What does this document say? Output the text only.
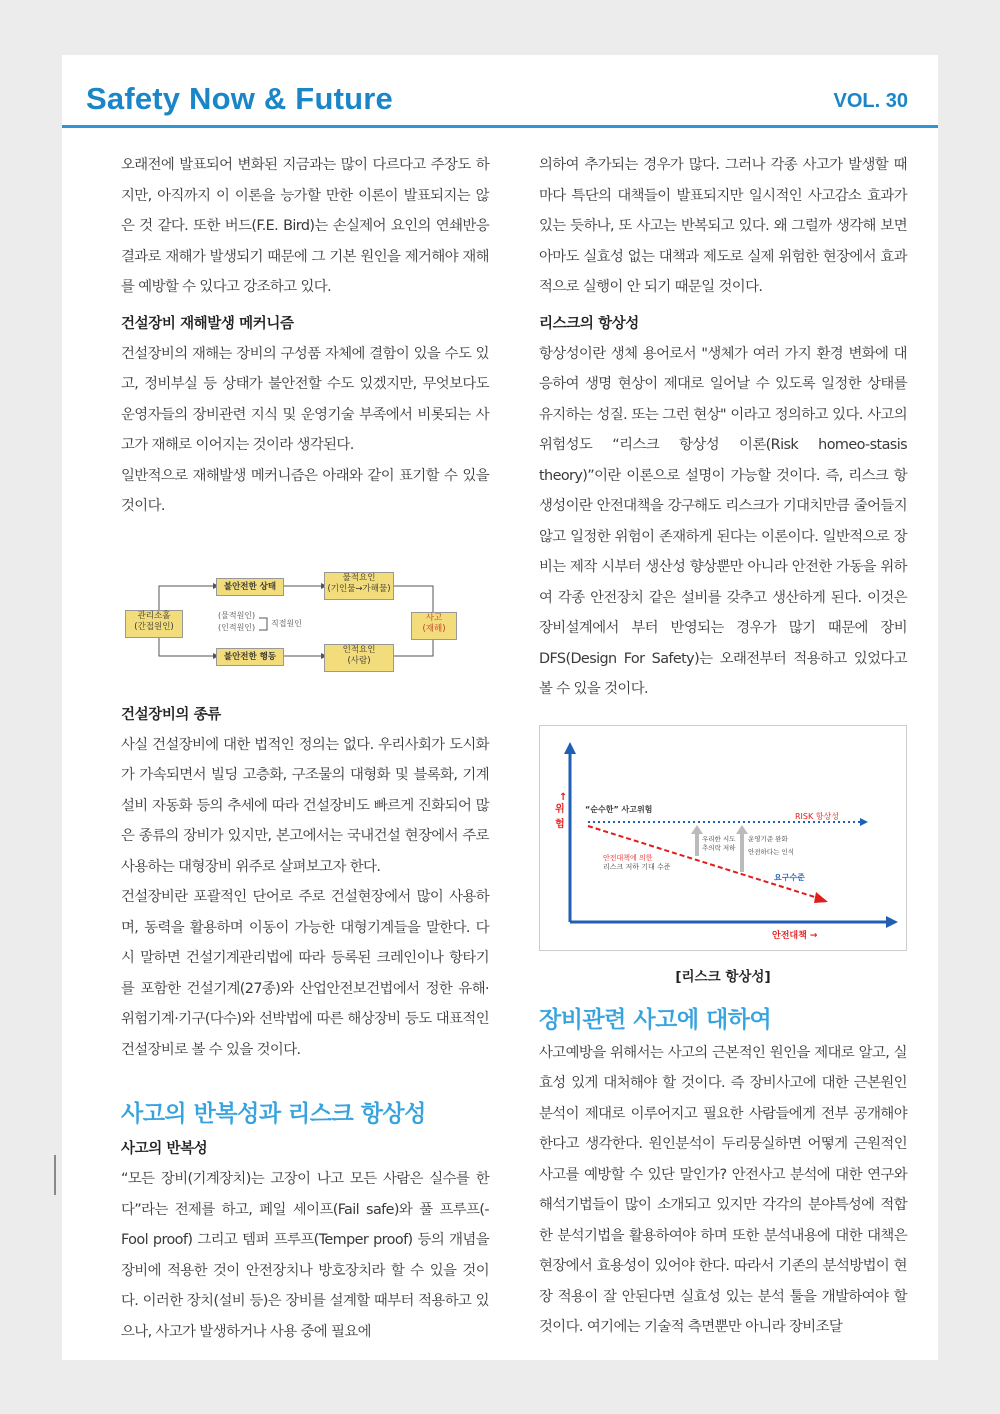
Safety Now & Future	VOL. 30

오래전에 발표되어 변화된 지금과는 많이 다르다고 주장도 하지만, 아직까지 이 이론을 능가할 만한 이론이 발표되지는 않은 것 같다. 또한 버드(F.E. Bird)는 손실제어 요인의 연쇄반응 결과로 재해가 발생되기 때문에 그 기본 원인을 제거해야 재해를 예방할 수 있다고 강조하고 있다.

건설장비 재해발생 메커니즘

건설장비의 재해는 장비의 구성품 자체에 결함이 있을 수도 있고, 정비부실 등 상태가 불안전할 수도 있겠지만, 무엇보다도 운영자들의 장비관련 지식 및 운영기술 부족에서 비롯되는 사고가 재해로 이어지는 것이라 생각된다.

일반적으로 재해발생 메커니즘은 아래와 같이 표기할 수 있을 것이다.

불안전한 상태
물적요인
(기인물→가해물)
관리소홀
(간접원인)
(물적원인)
(인적원인) 직접원인
사고
(재해)
불안전한 행동
인적요인
(사람)

건설장비의 종류

사실 건설장비에 대한 법적인 정의는 없다. 우리사회가 도시화가 가속되면서 빌딩 고층화, 구조물의 대형화 및 블록화, 기계설비 자동화 등의 추세에 따라 건설장비도 빠르게 진화되어 많은 종류의 장비가 있지만, 본고에서는 국내건설 현장에서 주로 사용하는 대형장비 위주로 살펴보고자 한다.

건설장비란 포괄적인 단어로 주로 건설현장에서 많이 사용하며, 동력을 활용하며 이동이 가능한 대형기계들을 말한다. 다시 말하면 건설기계관리법에 따라 등록된 크레인이나 항타기를 포함한 건설기계(27종)와 산업안전보건법에서 정한 유해·위험기계·기구(다수)와 선박법에 따른 해상장비 등도 대표적인 건설장비로 볼 수 있을 것이다.

사고의 반복성과 리스크 항상성

사고의 반복성

“모든 장비(기계장치)는 고장이 나고 모든 사람은 실수를 한다”라는 전제를 하고, 페일 세이프(Fail safe)와 풀 프루프(-Fool proof) 그리고 템퍼 프루프(Temper proof) 등의 개념을 장비에 적용한 것이 안전장치나 방호장치라 할 수 있을 것이다. 이러한 장치(설비 등)은 장비를 설계할 때부터 적용하고 있으나, 사고가 발생하거나 사용 중에 필요에

의하여 추가되는 경우가 많다. 그러나 각종 사고가 발생할 때마다 특단의 대책들이 발표되지만 일시적인 사고감소 효과가 있는 듯하나, 또 사고는 반복되고 있다. 왜 그럴까 생각해 보면 아마도 실효성 없는 대책과 제도로 실제 위험한 현장에서 효과적으로 실행이 안 되기 때문일 것이다.

리스크의 항상성

항상성이란 생체 용어로서 "생체가 여러 가지 환경 변화에 대응하여 생명 현상이 제대로 일어날 수 있도록 일정한 상태를 유지하는 성질. 또는 그런 현상" 이라고 정의하고 있다. 사고의 위험성도 “리스크 항상성 이론(Risk homeo-stasis theory)”이란 이론으로 설명이 가능할 것이다. 즉, 리스크 항생성이란 안전대책을 강구해도 리스크가 기대치만큼 줄어들지 않고 일정한 위험이 존재하게 된다는 이론이다. 일반적으로 장비는 제작 시부터 생산성 향상뿐만 아니라 안전한 가동을 위하여 각종 안전장치 같은 설비를 갖추고 생산하게 된다. 이것은 장비설계에서 부터 반영되는 경우가 많기 때문에 장비DFS(Design For Safety)는 오래전부터 적용하고 있었다고 볼 수 있을 것이다.

↑
위험
“순수한” 사고위험
RISK 항상성
우리한 시도
추의락 저하
운영기준 완화
안전하다는 인식
안전대책에 의한
리스크 저하 기대 수준
요구수준
안전대책 →

[리스크 항상성]

장비관련 사고에 대하여

사고예방을 위해서는 사고의 근본적인 원인을 제대로 알고, 실효성 있게 대처해야 할 것이다. 즉 장비사고에 대한 근본원인 분석이 제대로 이루어지고 필요한 사람들에게 전부 공개해야 한다고 생각한다. 원인분석이 두리뭉실하면 어떻게 근원적인 사고를 예방할 수 있단 말인가? 안전사고 분석에 대한 연구와 해석기법들이 많이 소개되고 있지만 각각의 분야특성에 적합한 분석기법을 활용하여야 하며 또한 분석내용에 대한 대책은 현장에서 효용성이 있어야 한다. 따라서 기존의 분석방법이 현장 적용이 잘 안된다면 실효성 있는 분석 툴을 개발하여야 할 것이다. 여기에는 기술적 측면뿐만 아니라 장비조달
